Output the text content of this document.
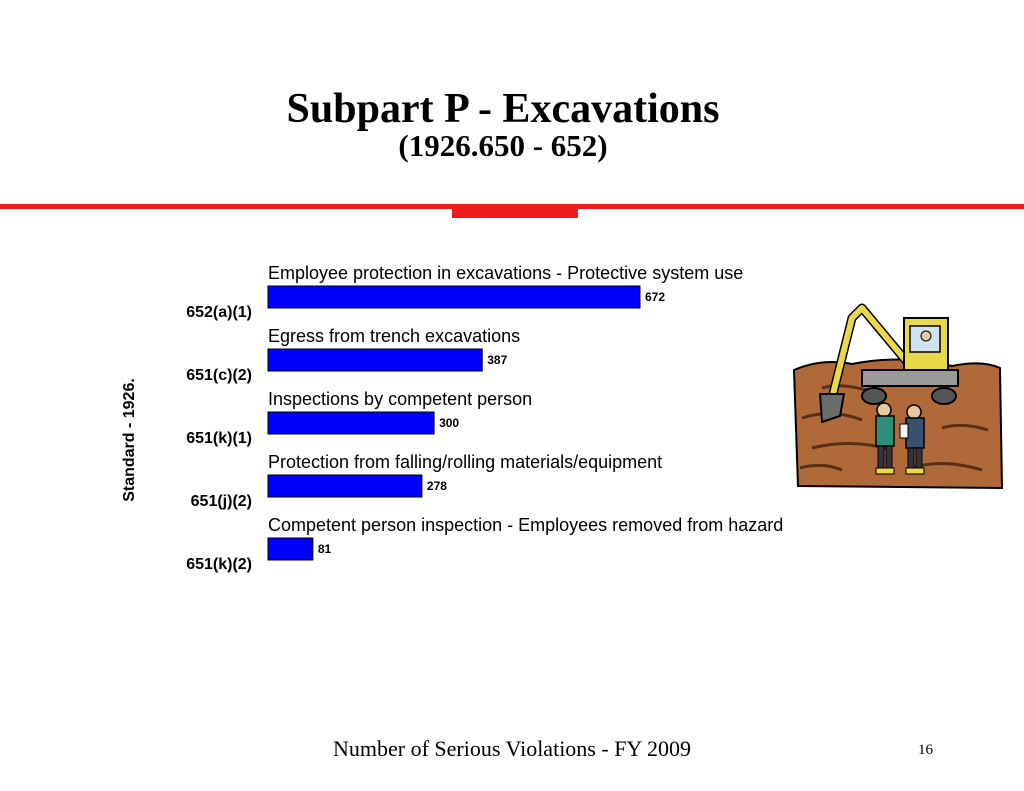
Subpart P - Excavations
(1926.650 - 652)
Employee protection in excavations - Protective system use
672
652(a)(1)
Egress from trench excavations
387
651(c)(2)
Inspections by competent person
300
651(k)(1)
Protection from falling/rolling materials/equipment
278
651(j)(2)
Competent person inspection - Employees removed from hazard
81
651(k)(2)
Standard - 1926.
Number of Serious Violations - FY 2009	16
